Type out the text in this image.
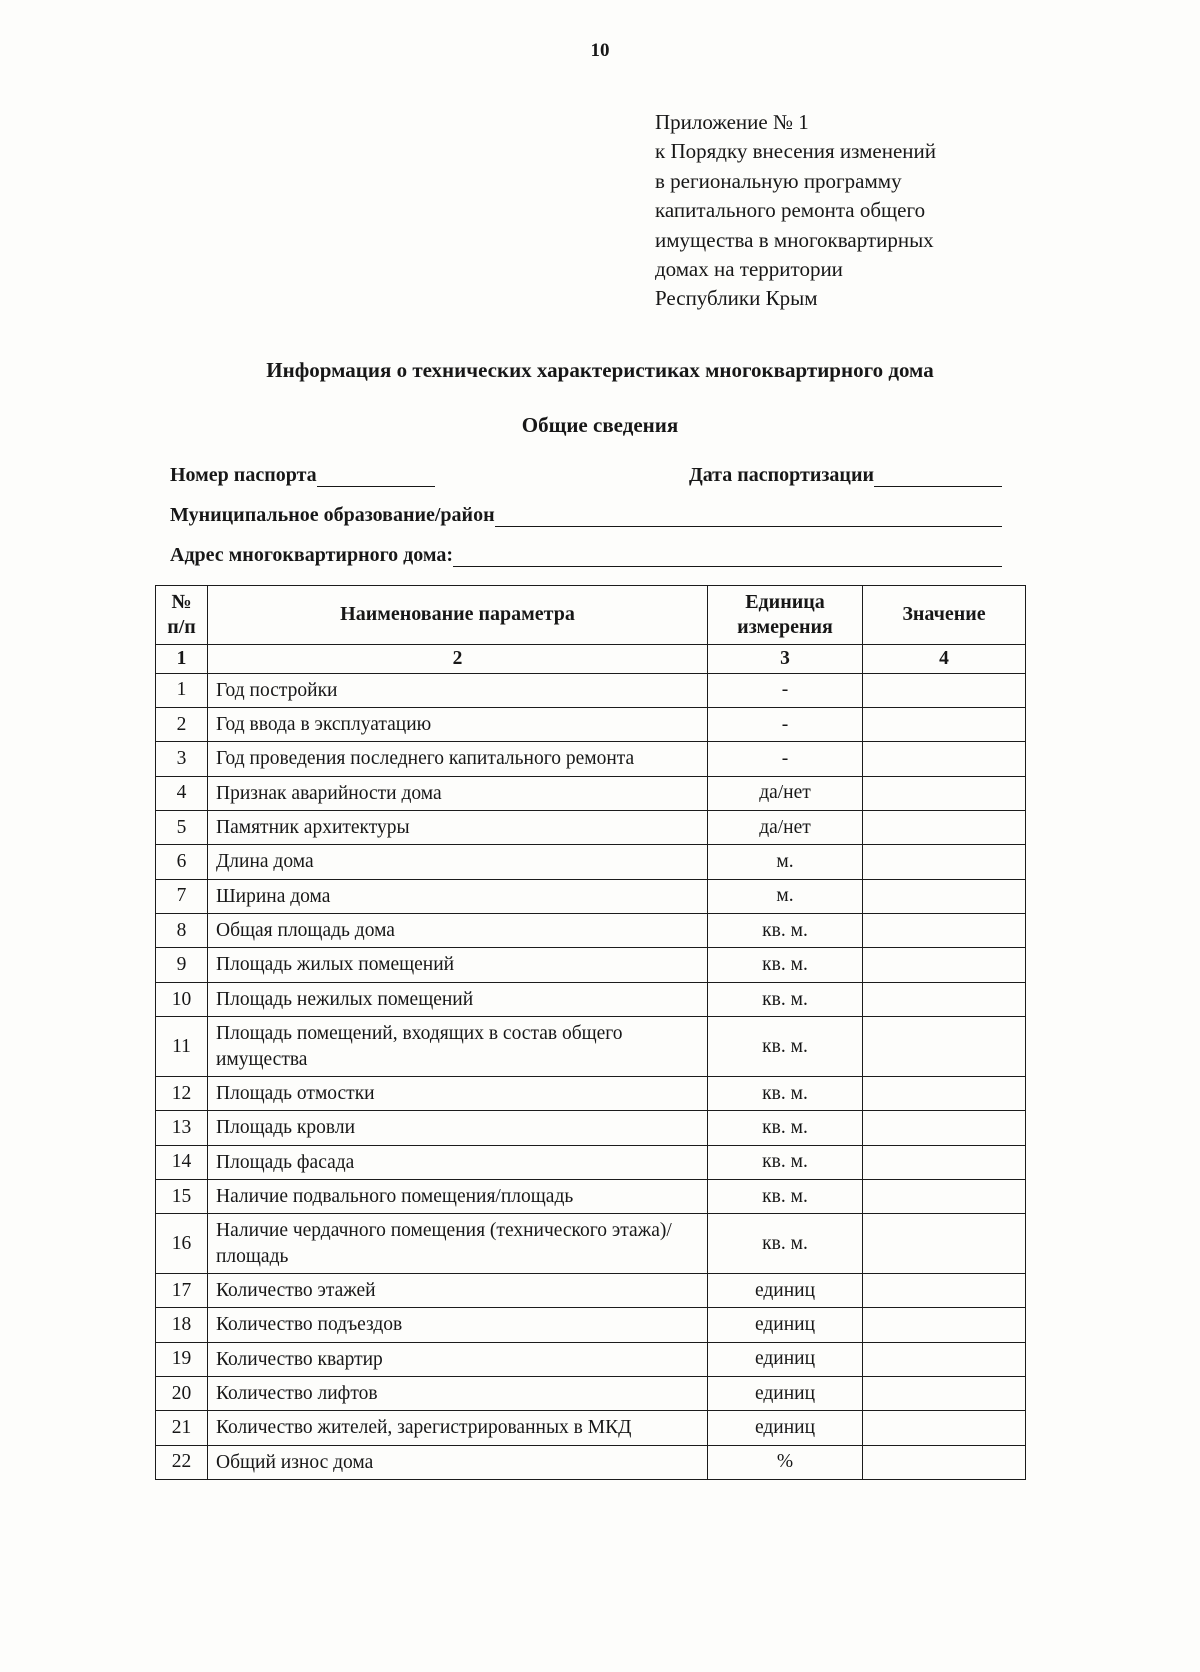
10
Приложение № 1
к Порядку внесения изменений
в региональную программу
капитального ремонта общего
имущества в многоквартирных
домах на территории
Республики Крым
Информация о технических характеристиках многоквартирного дома
Общие сведения
Номер паспорта	Дата паспортизации
Муниципальное образование/район
Адрес многоквартирного дома:
№ п/п	Наименование параметра	Единица измерения	Значение
1	2	3	4
1	Год постройки	-	
2	Год ввода в эксплуатацию	-	
3	Год проведения последнего капитального ремонта	-	
4	Признак аварийности дома	да/нет	
5	Памятник архитектуры	да/нет	
6	Длина дома	м.	
7	Ширина дома	м.	
8	Общая площадь дома	кв. м.	
9	Площадь жилых помещений	кв. м.	
10	Площадь нежилых помещений	кв. м.	
11	Площадь помещений, входящих в состав общего имущества	кв. м.	
12	Площадь отмостки	кв. м.	
13	Площадь кровли	кв. м.	
14	Площадь фасада	кв. м.	
15	Наличие подвального помещения/площадь	кв. м.	
16	Наличие чердачного помещения (технического этажа)/площадь	кв. м.	
17	Количество этажей	единиц	
18	Количество подъездов	единиц	
19	Количество квартир	единиц	
20	Количество лифтов	единиц	
21	Количество жителей, зарегистрированных в МКД	единиц	
22	Общий износ дома	%	
